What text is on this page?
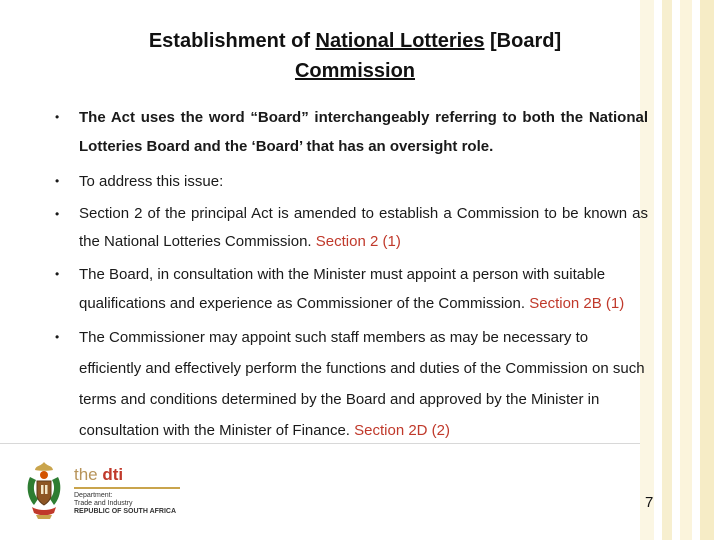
Establishment of National Lotteries [Board] Commission
• The Act uses the word “Board” interchangeably referring to both the National Lotteries Board and the ‘Board’ that has an oversight role.
• To address this issue:
• Section 2 of the principal Act is amended to establish a Commission to be known as the National Lotteries Commission. Section 2 (1)
• The Board, in consultation with the Minister must appoint a person with suitable qualifications and experience as Commissioner of the Commission. Section 2B (1)
• The Commissioner may appoint such staff members as may be necessary to efficiently and effectively perform the functions and duties of the Commission on such terms and conditions determined by the Board and approved by the Minister in consultation with the Minister of Finance. Section 2D (2)
the dti
Department:
Trade and Industry
REPUBLIC OF SOUTH AFRICA
7
